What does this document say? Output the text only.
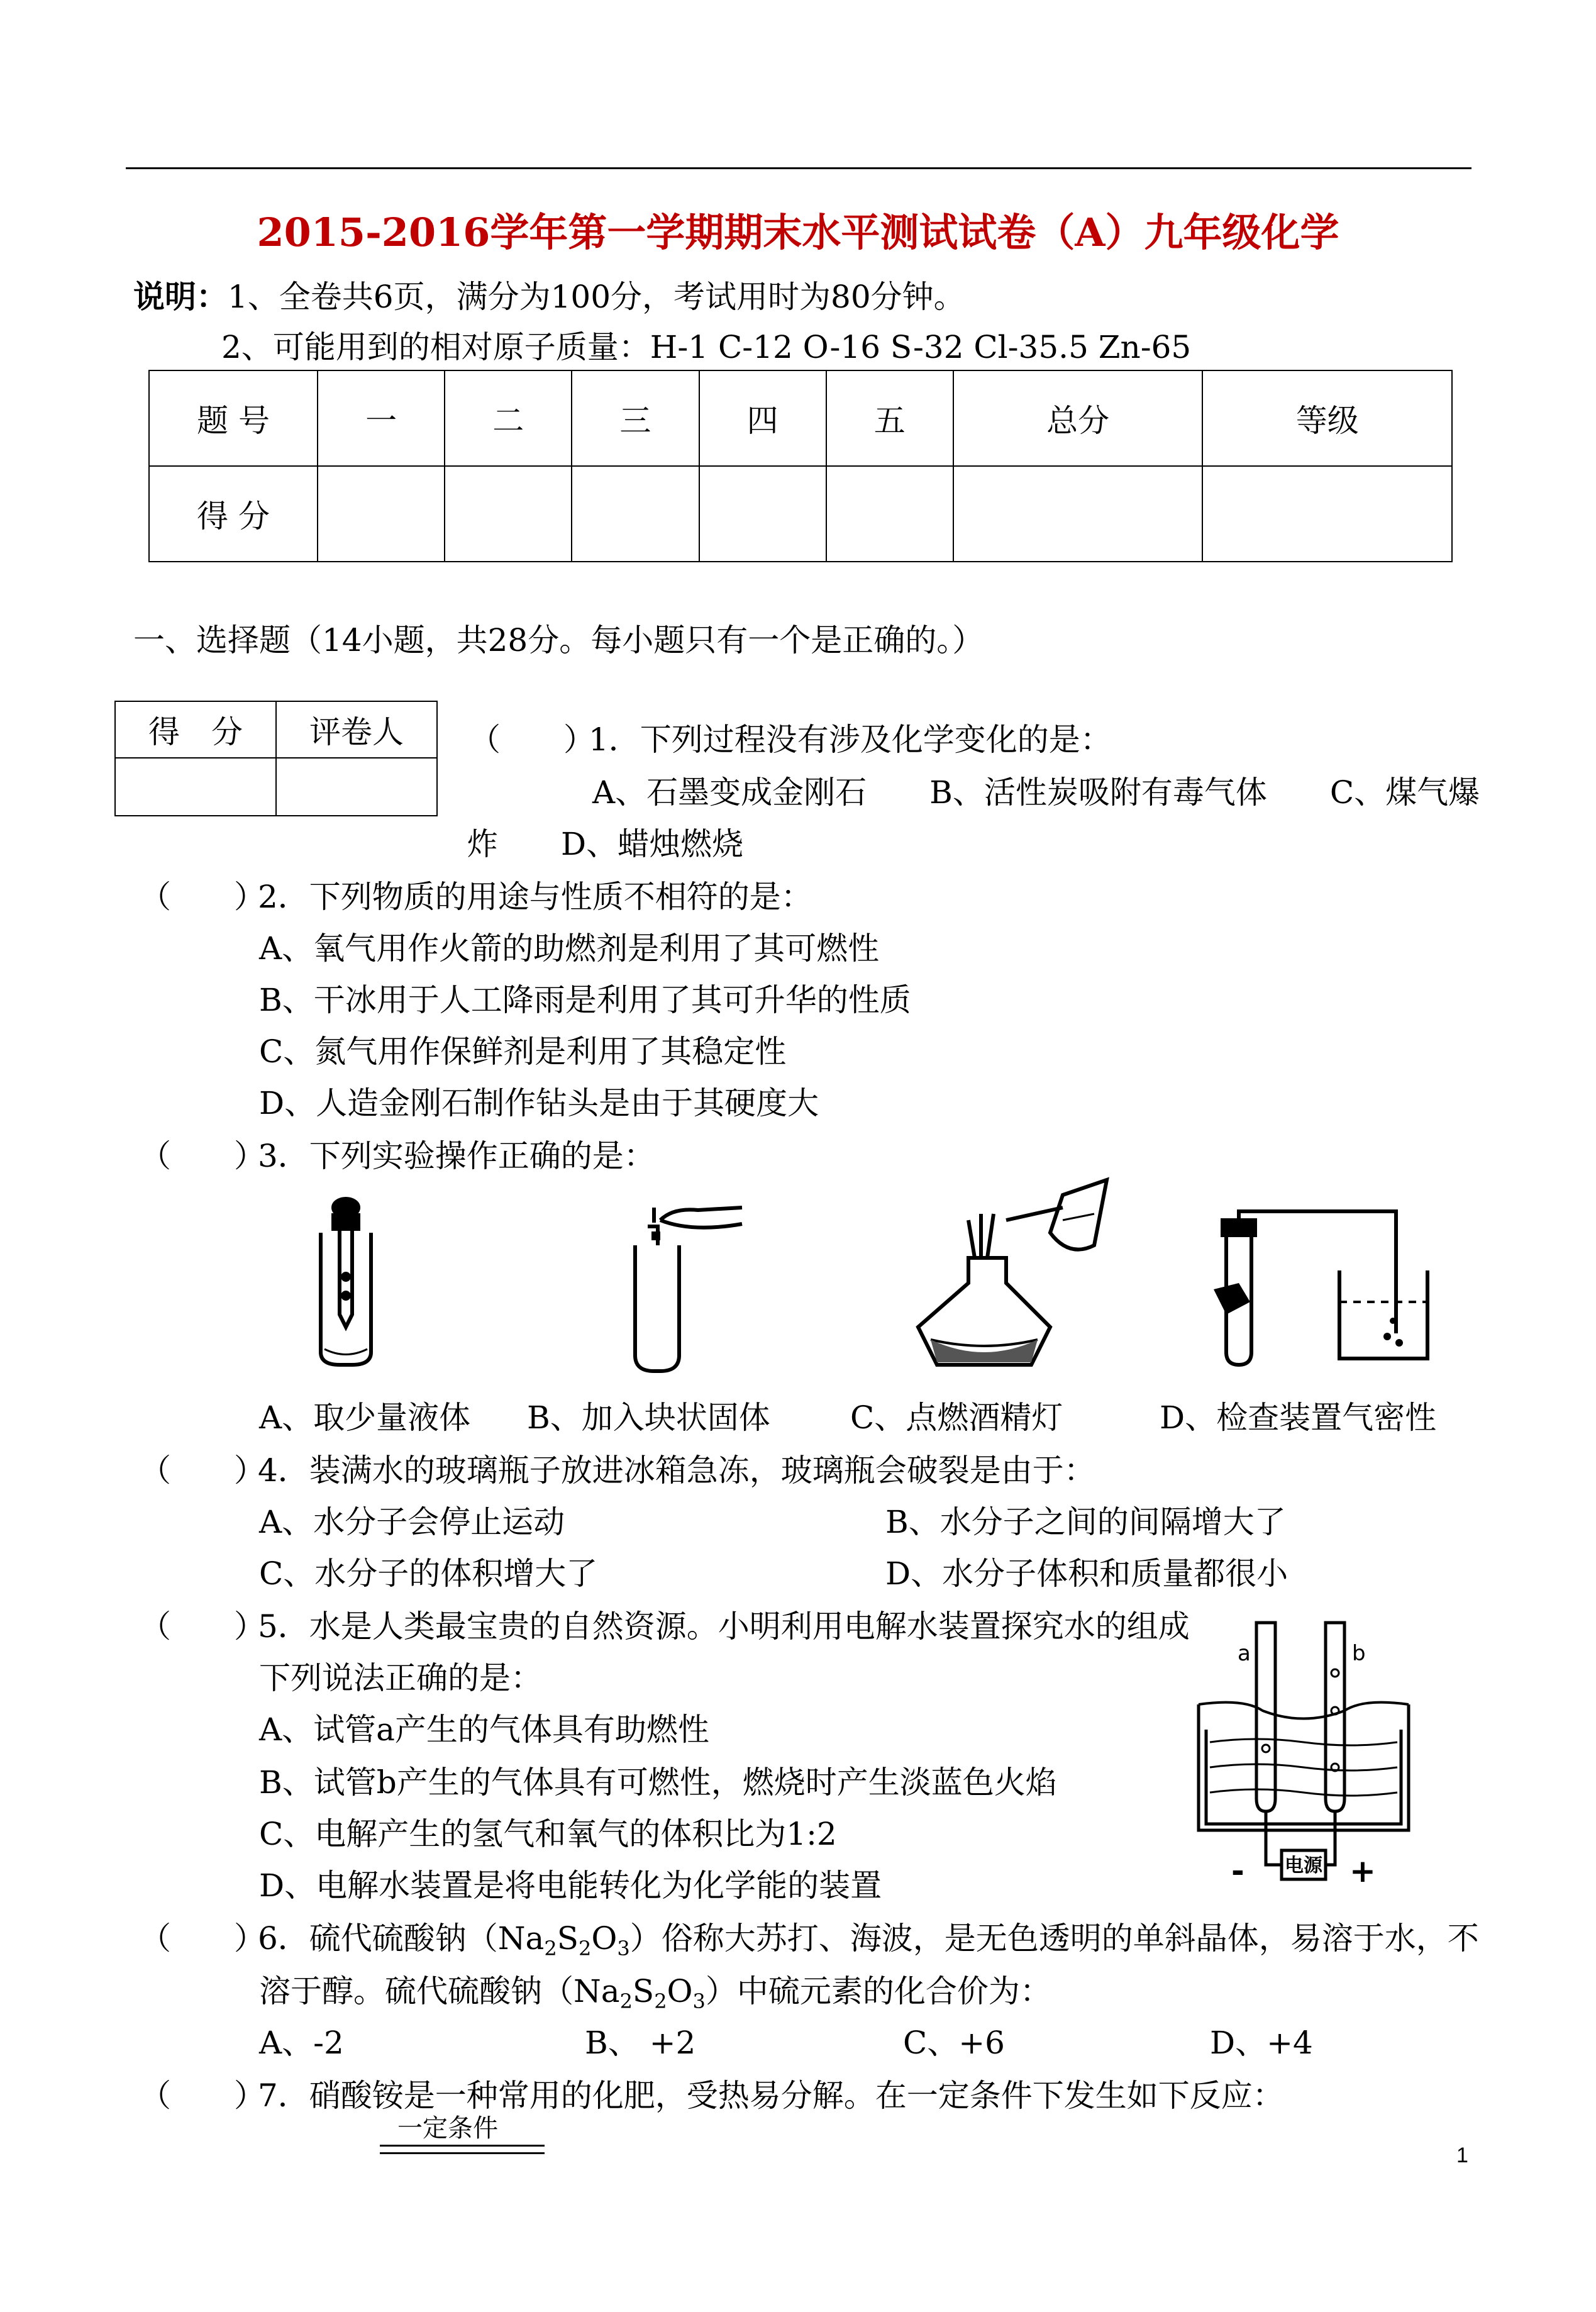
2015-2016学年第一学期期末水平测试试卷（A）九年级化学
说明：1、全卷共6页，满分为100分，考试用时为80分钟。
2、可能用到的相对原子质量：H-1 C-12 O-16 S-32 Cl-35.5 Zn-65
题 号	一	二	三	四	五	总分	等级
得 分							
一、选择题（14小题，共28分。每小题只有一个是正确的。）
得　分	评卷人
	（　　）
1．下列过程没有涉及化学变化的是：
A、石墨变成金刚石　　B、活性炭吸附有毒气体　　C、煤气爆
炸　　D、蜡烛燃烧
（　　）
2．下列物质的用途与性质不相符的是：
A、氧气用作火箭的助燃剂是利用了其可燃性
B、干冰用于人工降雨是利用了其可升华的性质
C、氮气用作保鲜剂是利用了其稳定性
D、人造金刚石制作钻头是由于其硬度大
（　　）
3．下列实验操作正确的是：
A、取少量液体 B、加入块状固体	C、点燃酒精灯	D、检查装置气密性
（　　）
4．装满水的玻璃瓶子放进冰箱急冻，玻璃瓶会破裂是由于：
A、水分子会停止运动	B、水分子之间的间隔增大了
C、水分子的体积增大了	D、水分子体积和质量都很小
（　　）
5．水是人类最宝贵的自然资源。小明利用电解水装置探究水的组成
下列说法正确的是：
A、试管a产生的气体具有助燃性
B、试管b产生的气体具有可燃性，燃烧时产生淡蓝色火焰
C、电解产生的氢气和氧气的体积比为1:2
D、电解水装置是将电能转化为化学能的装置
a	b
电源
-	+
（　　）
6．硫代硫酸钠$(Na_2S_2O_3)$俗称大苏打、海波，是无色透明的单斜晶体，易溶于水，不
溶于醇。硫代硫酸钠$(Na_2S_2O_3)$中硫元素的化合价为：
A、-2	B、 +2	C、+6	D、+4
（　　）
7．硝酸铵是一种常用的化肥，受热易分解。在一定条件下发生如下反应：
一定条件
1
